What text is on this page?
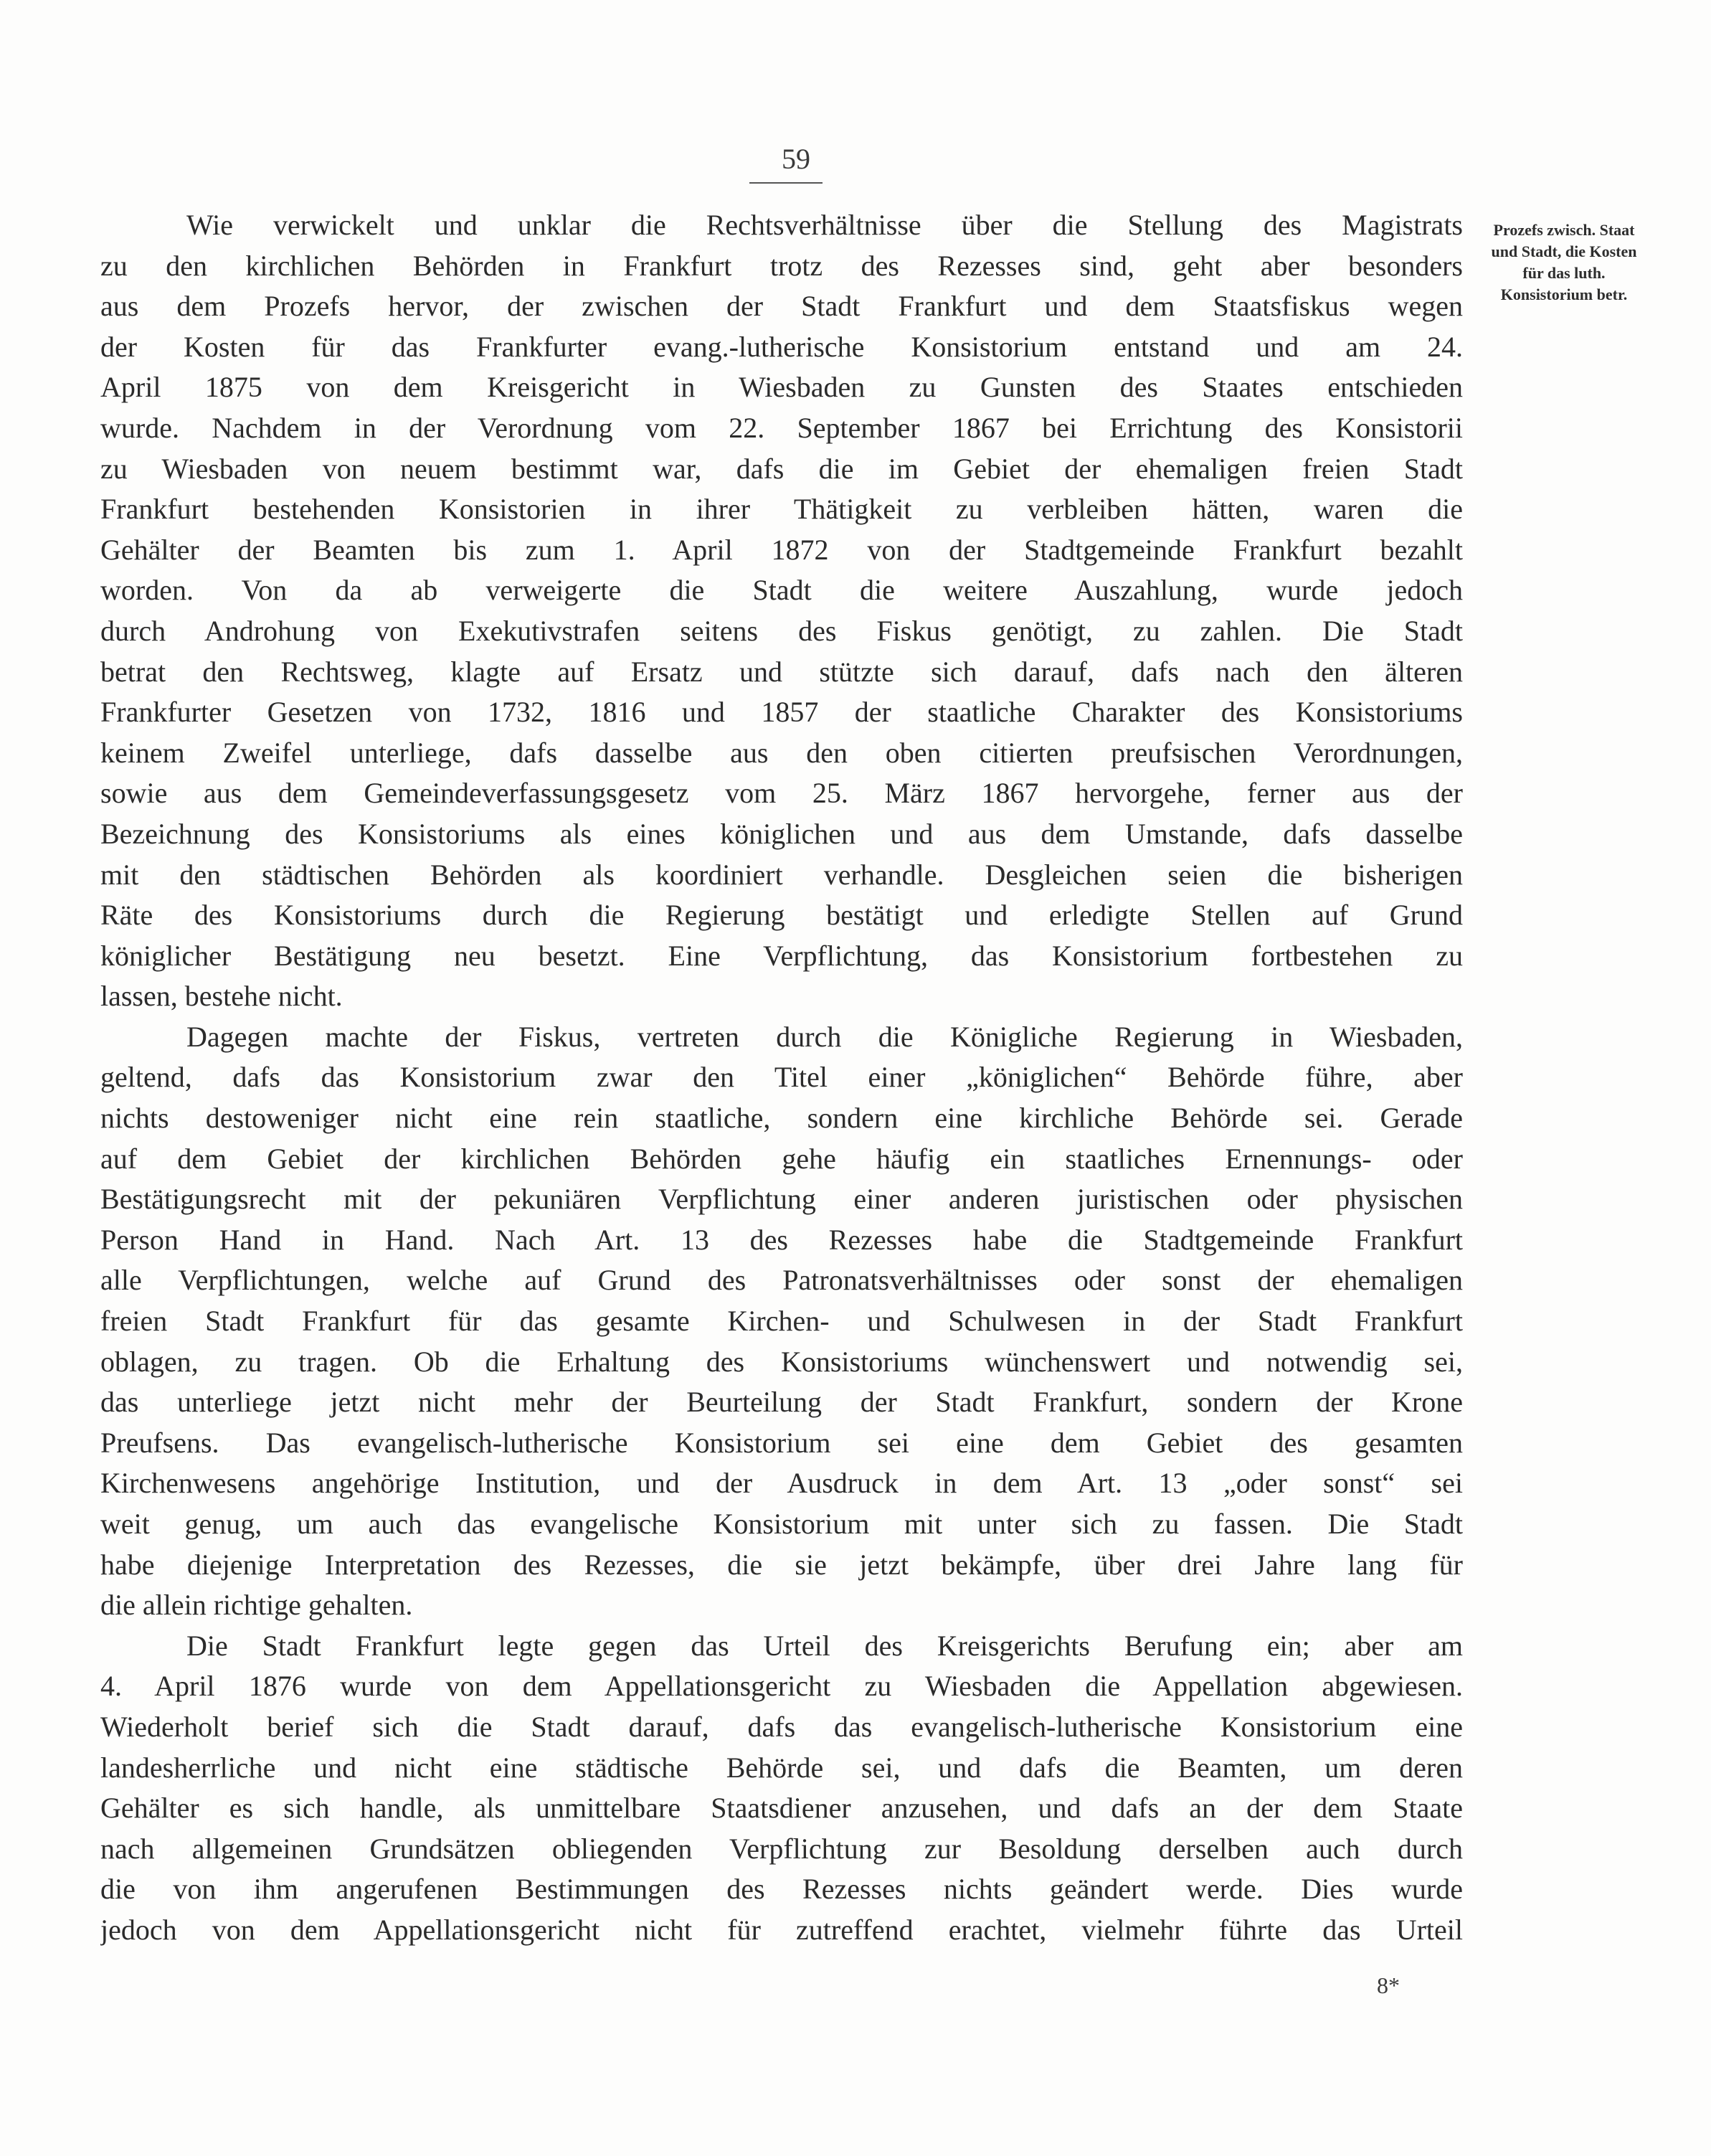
59
Prozefs zwisch. Staat und Stadt, die Kosten für das luth. Konsistorium betr.
Wie verwickelt und unklar die Rechtsverhältnisse über die Stellung des Magistrats
zu den kirchlichen Behörden in Frankfurt trotz des Rezesses sind, geht aber besonders
aus dem Prozefs hervor, der zwischen der Stadt Frankfurt und dem Staatsfiskus wegen
der Kosten für das Frankfurter evang.-lutherische Konsistorium entstand und am 24.
April 1875 von dem Kreisgericht in Wiesbaden zu Gunsten des Staates entschieden
wurde. Nachdem in der Verordnung vom 22. September 1867 bei Errichtung des Konsistorii
zu Wiesbaden von neuem bestimmt war, dafs die im Gebiet der ehemaligen freien Stadt
Frankfurt bestehenden Konsistorien in ihrer Thätigkeit zu verbleiben hätten, waren die
Gehälter der Beamten bis zum 1. April 1872 von der Stadtgemeinde Frankfurt bezahlt
worden. Von da ab verweigerte die Stadt die weitere Auszahlung, wurde jedoch
durch Androhung von Exekutivstrafen seitens des Fiskus genötigt, zu zahlen. Die Stadt
betrat den Rechtsweg, klagte auf Ersatz und stützte sich darauf, dafs nach den älteren
Frankfurter Gesetzen von 1732, 1816 und 1857 der staatliche Charakter des Konsistoriums
keinem Zweifel unterliege, dafs dasselbe aus den oben citierten preufsischen Verordnungen,
sowie aus dem Gemeindeverfassungsgesetz vom 25. März 1867 hervorgehe, ferner aus der
Bezeichnung des Konsistoriums als eines königlichen und aus dem Umstande, dafs dasselbe
mit den städtischen Behörden als koordiniert verhandle. Desgleichen seien die bisherigen
Räte des Konsistoriums durch die Regierung bestätigt und erledigte Stellen auf Grund
königlicher Bestätigung neu besetzt. Eine Verpflichtung, das Konsistorium fortbestehen zu
lassen, bestehe nicht.
Dagegen machte der Fiskus, vertreten durch die Königliche Regierung in Wiesbaden,
geltend, dafs das Konsistorium zwar den Titel einer „königlichen“ Behörde führe, aber
nichts destoweniger nicht eine rein staatliche, sondern eine kirchliche Behörde sei. Gerade
auf dem Gebiet der kirchlichen Behörden gehe häufig ein staatliches Ernennungs- oder
Bestätigungsrecht mit der pekuniären Verpflichtung einer anderen juristischen oder physischen
Person Hand in Hand. Nach Art. 13 des Rezesses habe die Stadtgemeinde Frankfurt
alle Verpflichtungen, welche auf Grund des Patronatsverhältnisses oder sonst der ehemaligen
freien Stadt Frankfurt für das gesamte Kirchen- und Schulwesen in der Stadt Frankfurt
oblagen, zu tragen. Ob die Erhaltung des Konsistoriums wünchenswert und notwendig sei,
das unterliege jetzt nicht mehr der Beurteilung der Stadt Frankfurt, sondern der Krone
Preufsens. Das evangelisch-lutherische Konsistorium sei eine dem Gebiet des gesamten
Kirchenwesens angehörige Institution, und der Ausdruck in dem Art. 13 „oder sonst“ sei
weit genug, um auch das evangelische Konsistorium mit unter sich zu fassen. Die Stadt
habe diejenige Interpretation des Rezesses, die sie jetzt bekämpfe, über drei Jahre lang für
die allein richtige gehalten.
Die Stadt Frankfurt legte gegen das Urteil des Kreisgerichts Berufung ein; aber am
4. April 1876 wurde von dem Appellationsgericht zu Wiesbaden die Appellation abgewiesen.
Wiederholt berief sich die Stadt darauf, dafs das evangelisch-lutherische Konsistorium eine
landesherrliche und nicht eine städtische Behörde sei, und dafs die Beamten, um deren
Gehälter es sich handle, als unmittelbare Staatsdiener anzusehen, und dafs an der dem Staate
nach allgemeinen Grundsätzen obliegenden Verpflichtung zur Besoldung derselben auch durch
die von ihm angerufenen Bestimmungen des Rezesses nichts geändert werde. Dies wurde
jedoch von dem Appellationsgericht nicht für zutreffend erachtet, vielmehr führte das Urteil
8*
